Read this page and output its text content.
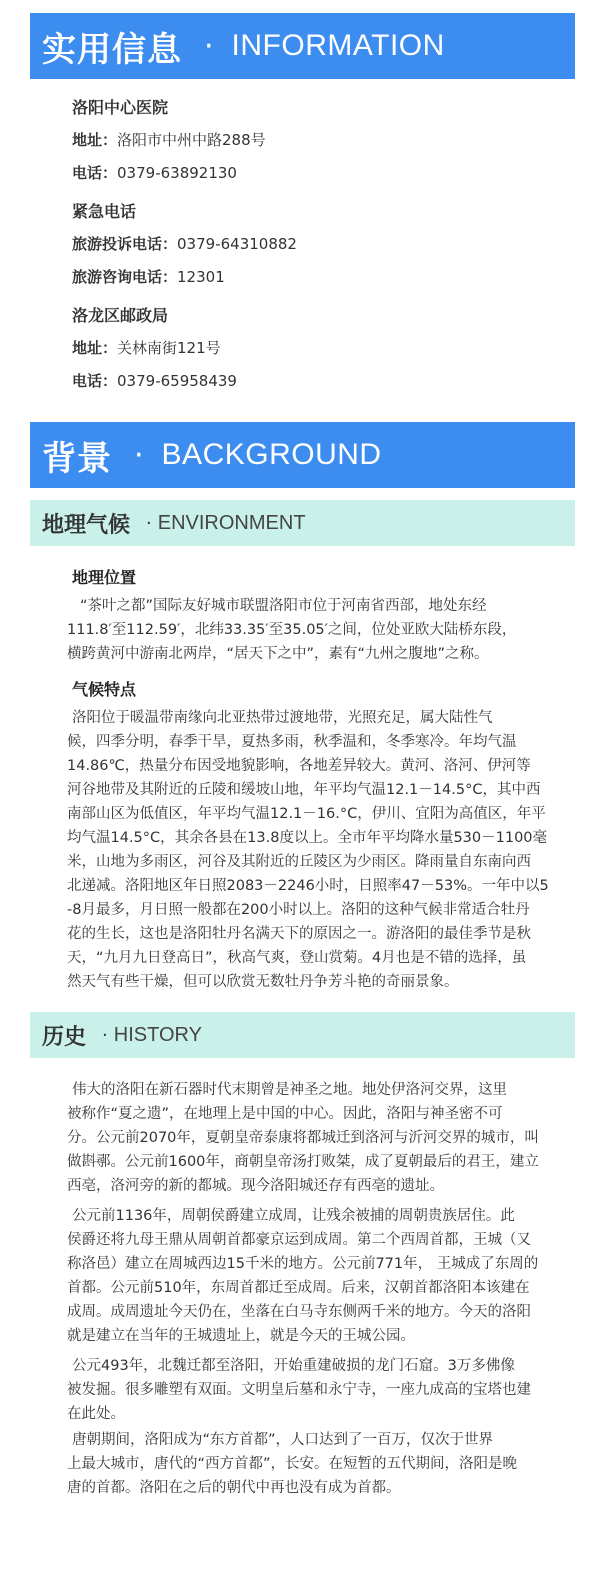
实用信息 · INFORMATION
洛阳中心医院
地址：洛阳市中州中路288号
电话：0379-63892130
紧急电话
旅游投诉电话：0379-64310882
旅游咨询电话：12301
洛龙区邮政局
地址：关林南街121号
电话：0379-65958439
背景 · BACKGROUND
地理气候 · ENVIRONMENT
地理位置
“茶叶之都”国际友好城市联盟洛阳市位于河南省西部，地处东经
111.8′至112.59′，北纬33.35′至35.05′之间，位处亚欧大陆桥东段，
横跨黄河中游南北两岸，“居天下之中”，素有“九州之腹地”之称。
气候特点
洛阳位于暖温带南缘向北亚热带过渡地带，光照充足，属大陆性气
候，四季分明，春季干旱，夏热多雨，秋季温和，冬季寒冷。年均气温
14.86℃，热量分布因受地貌影响，各地差异较大。黄河、洛河、伊河等
河谷地带及其附近的丘陵和缓坡山地，年平均气温12.1－14.5°C，其中西
南部山区为低值区，年平均气温12.1－16.°C，伊川、宜阳为高值区，年平
均气温14.5°C，其余各县在13.8度以上。全市年平均降水量530－1100毫
米，山地为多雨区，河谷及其附近的丘陵区为少雨区。降雨量自东南向西
北递减。洛阳地区年日照2083－2246小时，日照率47－53%。一年中以5
-8月最多，月日照一般都在200小时以上。洛阳的这种气候非常适合牡丹
花的生长，这也是洛阳牡丹名满天下的原因之一。游洛阳的最佳季节是秋
天，“九月九日登高日”，秋高气爽，登山赏菊。4月也是不错的选择，虽
然天气有些干燥，但可以欣赏无数牡丹争芳斗艳的奇丽景象。
历史 · HISTORY
伟大的洛阳在新石器时代末期曾是神圣之地。地处伊洛河交界，这里
被称作“夏之遗”，在地理上是中国的中心。因此，洛阳与神圣密不可
分。公元前2070年，夏朝皇帝泰康将都城迁到洛河与沂河交界的城市，叫
做斟鄩。公元前1600年，商朝皇帝汤打败桀，成了夏朝最后的君王，建立
西亳，洛河旁的新的都城。现今洛阳城还存有西亳的遗址。
公元前1136年，周朝侯爵建立成周，让残余被捕的周朝贵族居住。此
侯爵还将九母王鼎从周朝首都豪京运到成周。第二个西周首都，王城（又
称洛邑）建立在周城西边15千米的地方。公元前771年， 王城成了东周的
首都。公元前510年，东周首都迁至成周。后来，汉朝首都洛阳本该建在
成周。成周遗址今天仍在，坐落在白马寺东侧两千米的地方。今天的洛阳
就是建立在当年的王城遗址上，就是今天的王城公园。
公元493年，北魏迁都至洛阳，开始重建破损的龙门石窟。3万多佛像
被发掘。很多雕塑有双面。文明皇后墓和永宁寺，一座九成高的宝塔也建
在此处。
唐朝期间，洛阳成为“东方首都”，人口达到了一百万，仅次于世界
上最大城市，唐代的“西方首都”，长安。在短暂的五代期间，洛阳是晚
唐的首都。洛阳在之后的朝代中再也没有成为首都。
